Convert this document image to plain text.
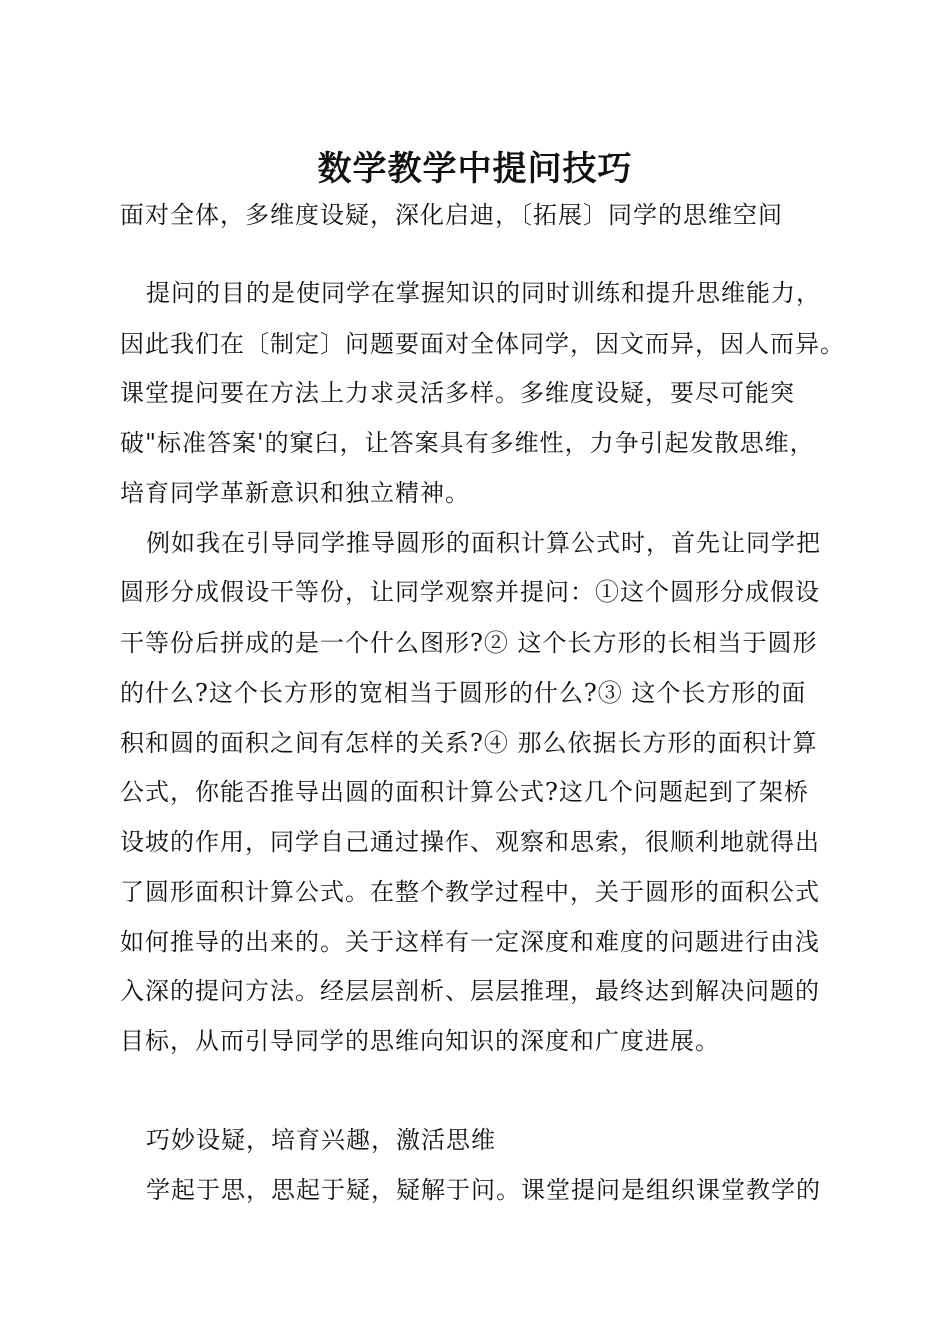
数学教学中提问技巧

面对全体，多维度设疑，深化启迪，〔拓展〕同学的思维空间

提问的目的是使同学在掌握知识的同时训练和提升思维能力，

因此我们在〔制定〕问题要面对全体同学，因文而异，因人而异。

课堂提问要在方法上力求灵活多样。多维度设疑，要尽可能突

破"标准答案'的窠臼，让答案具有多维性，力争引起发散思维，

培育同学革新意识和独立精神。

例如我在引导同学推导圆形的面积计算公式时，首先让同学把

圆形分成假设干等份，让同学观察并提问：①这个圆形分成假设

干等份后拼成的是一个什么图形?② 这个长方形的长相当于圆形

的什么?这个长方形的宽相当于圆形的什么?③ 这个长方形的面

积和圆的面积之间有怎样的关系?④ 那么依据长方形的面积计算

公式，你能否推导出圆的面积计算公式?这几个问题起到了架桥

设坡的作用，同学自己通过操作、观察和思索，很顺利地就得出

了圆形面积计算公式。在整个教学过程中，关于圆形的面积公式

如何推导的出来的。关于这样有一定深度和难度的问题进行由浅

入深的提问方法。经层层剖析、层层推理，最终达到解决问题的

目标，从而引导同学的思维向知识的深度和广度进展。

巧妙设疑，培育兴趣，激活思维

学起于思，思起于疑，疑解于问。课堂提问是组织课堂教学的
